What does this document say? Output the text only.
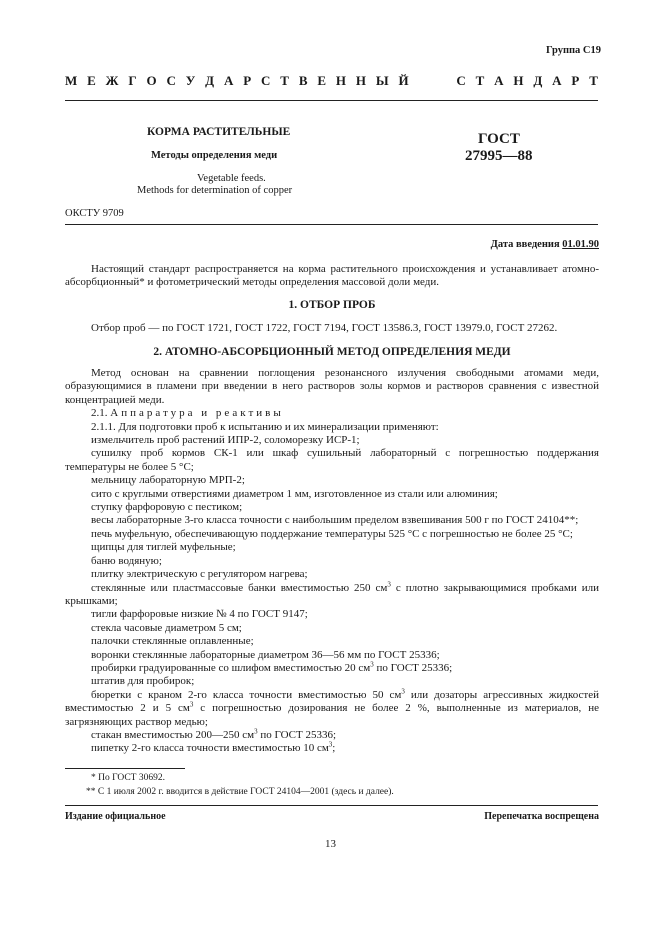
Группа С19
М Е Ж Г О С У Д А Р С Т В Е Н Н Ы Й	С Т А Н Д А Р Т
КОРМА РАСТИТЕЛЬНЫЕ
Методы определения меди
Vegetable feeds.
Methods for determination of copper
ГОСТ
27995—88
ОКСТУ 9709
Дата введения 01.01.90

Настоящий стандарт распространяется на корма растительного происхождения и устанавливает атомно-абсорбционный* и фотометрический методы определения массовой доли меди.

1. ОТБОР ПРОБ

Отбор проб — по ГОСТ 1721, ГОСТ 1722, ГОСТ 7194, ГОСТ 13586.3, ГОСТ 13979.0, ГОСТ 27262.

2. АТОМНО-АБСОРБЦИОННЫЙ МЕТОД ОПРЕДЕЛЕНИЯ МЕДИ

Метод основан на сравнении поглощения резонансного излучения свободными атомами меди, образующимися в пламени при введении в него растворов золы кормов и растворов сравнения с известной концентрацией меди.

2.1. Аппаратура и реактивы

2.1.1. Для подготовки проб к испытанию и их минерализации применяют:

измельчитель проб растений ИПР-2, соломорезку ИСР-1;

сушилку проб кормов СК-1 или шкаф сушильный лабораторный с погрешностью поддержания температуры не более 5 °С;

мельницу лабораторную МРП-2;

сито с круглыми отверстиями диаметром 1 мм, изготовленное из стали или алюминия;

ступку фарфоровую с пестиком;

весы лабораторные 3-го класса точности с наибольшим пределом взвешивания 500 г по ГОСТ 24104**;

печь муфельную, обеспечивающую поддержание температуры 525 °С с погрешностью не более 25 °С;

щипцы для тиглей муфельные;

баню водяную;

плитку электрическую с регулятором нагрева;

стеклянные или пластмассовые банки вместимостью 250 $см^3$ с плотно закрывающимися пробками или крышками;

тигли фарфоровые низкие № 4 по ГОСТ 9147;

стекла часовые диаметром 5 см;

палочки стеклянные оплавленные;

воронки стеклянные лабораторные диаметром 36—56 мм по ГОСТ 25336;

пробирки градуированные со шлифом вместимостью 20 $см^3$ по ГОСТ 25336;

штатив для пробирок;

бюретки с краном 2-го класса точности вместимостью 50 $см^3$ или дозаторы агрессивных жидкостей вместимостью 2 и 5 $см^3$ с погрешностью дозирования не более 2 %, выполненные из материалов, не загрязняющих раствор медью;

стакан вместимостью 200—250 $см^3$ по ГОСТ 25336;

пипетку 2-го класса точности вместимостью 10 $см^3$;

* По ГОСТ 30692.
** С 1 июля 2002 г. вводится в действие ГОСТ 24104—2001 (здесь и далее).
Издание официальное	Перепечатка воспрещена
13
